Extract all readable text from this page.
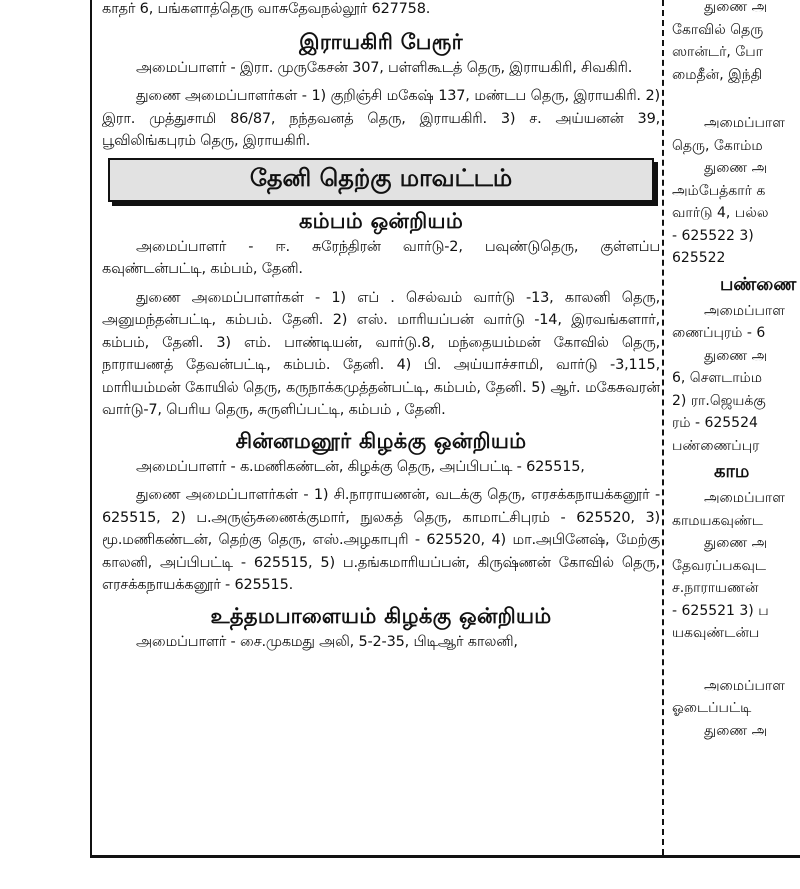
காதர் 6, பங்களாத்தெரு வாசுதேவநல்லூர் 627758.

இராயகிரி பேரூர்

அமைப்பாளர் - இரா. முருகேசன் 307, பள்ளிகூடத் தெரு, இராயகிரி, சிவகிரி.

துணை அமைப்பாளர்கள் - 1) குறிஞ்சி மகேஷ் 137, மண்டப தெரு, இராயகிரி. 2) இரா. முத்துசாமி 86/87, நந்தவனத் தெரு, இராயகிரி. 3) ச. அய்யனன் 39, பூவிலிங்கபுரம் தெரு, இராயகிரி.

தேனி தெற்கு மாவட்டம்
கம்பம் ஒன்றியம்

அமைப்பாளர் - ஈ. சுரேந்திரன் வார்டு-2, பவுண்டுதெரு, குள்ளப்ப கவுண்டன்பட்டி, கம்பம், தேனி.

துணை அமைப்பாளர்கள் - 1) எப் . செல்வம் வார்டு -13, காலனி தெரு, அனுமந்தன்பட்டி, கம்பம். தேனி. 2) எஸ். மாரியப்பன் வார்டு -14, இரவங்களார், கம்பம், தேனி. 3) எம். பாண்டியன், வார்டு.8, மந்தையம்மன் கோவில் தெரு, நாராயணத் தேவன்பட்டி, கம்பம். தேனி. 4) பி. அய்யாச்சாமி, வார்டு -3,115, மாரியம்மன் கோயில் தெரு, கருநாக்கமுத்தன்பட்டி, கம்பம், தேனி. 5) ஆர். மகேசுவரன் வார்டு-7, பெரிய தெரு, சுருளிப்பட்டி, கம்பம் , தேனி.

சின்னமனூர் கிழக்கு ஒன்றியம்

அமைப்பாளர் - க.மணிகண்டன், கிழக்கு தெரு, அப்பிபட்டி - 625515,

துணை அமைப்பாளர்கள் - 1) சி.நாராயணன், வடக்கு தெரு, எரசக்கநாயக்கனூர் - 625515, 2) ப.அருஞ்சுணைக்குமார், நுலகத் தெரு, காமாட்சிபுரம் - 625520, 3) மூ.மணிகண்டன், தெற்கு தெரு, எஸ்.அழகாபுரி - 625520, 4) மா.அபினேஷ், மேற்கு காலனி, அப்பிபட்டி - 625515, 5) ப.தங்கமாரியப்பன், கிருஷ்ணன் கோவில் தெரு, எரசக்கநாயக்கனூர் - 625515.

உத்தமபாளையம் கிழக்கு ஒன்றியம்

அமைப்பாளர் - சை.முகமது அலி, 5-2-35, பிடிஆர் காலனி,

துணை அ
கோவில் தெரு
ஸான்டர், போ
மைதீன், இந்தி
அமைப்பாள
தெரு, கோம்ம
துணை அ
அம்பேத்கார் க
வார்டு 4, பல்ல
- 625522 3)
625522
பண்ணை
அமைப்பாள
ணைப்புரம் - 6
துணை அ
6, சௌடாம்ம
2) ரா.ஜெயக்கு
ரம் - 625524
பண்ணைப்புர
காம
அமைப்பாள
காமயகவுண்ட
துணை அ
தேவரப்பகவுட
ச.நாராயணன்
- 625521 3) ப
யகவுண்டன்ப
அமைப்பாள
ஓடைப்பட்டி
துணை அ
